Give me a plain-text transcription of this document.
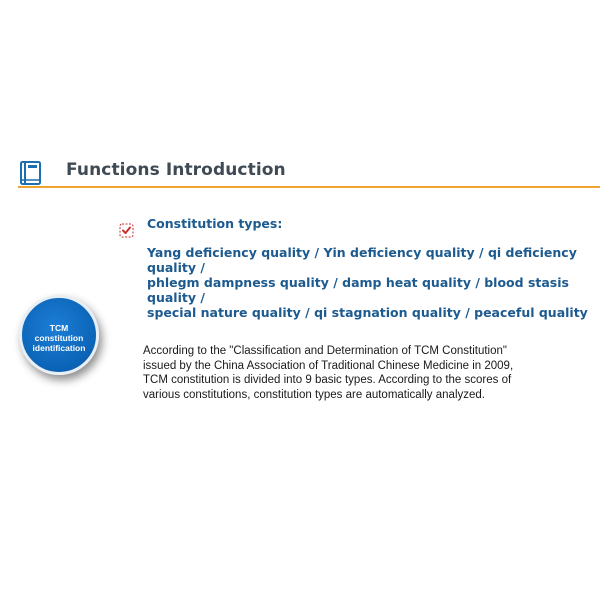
Functions Introduction
Constitution types:
Yang deficiency quality / Yin deficiency quality / qi deficiency quality /
phlegm dampness quality / damp heat quality / blood stasis quality /
special nature quality / qi stagnation quality / peaceful quality
TCM
constitution
identification	According to the "Classification and Determination of TCM Constitution"
issued by the China Association of Traditional Chinese Medicine in 2009,
TCM constitution is divided into 9 basic types. According to the scores of
various constitutions, constitution types are automatically analyzed.
